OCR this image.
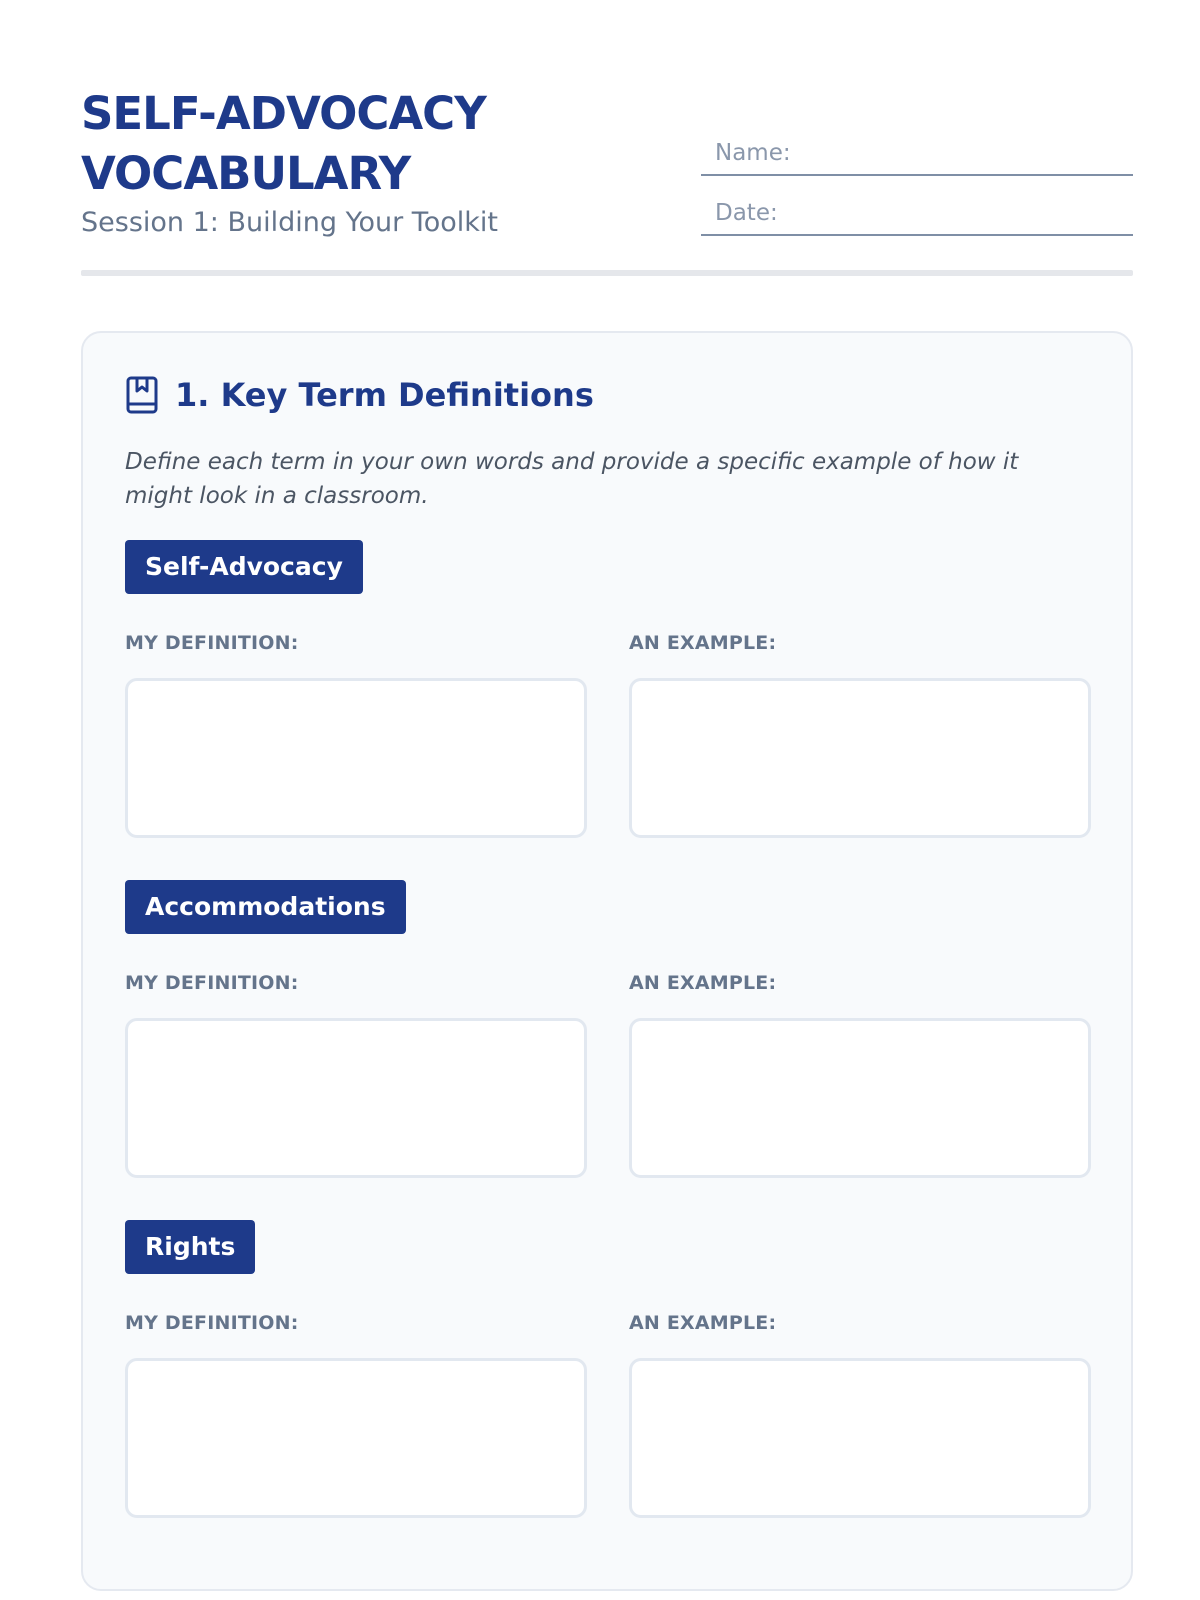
SELF-ADVOCACY
VOCABULARY
Session 1: Building Your Toolkit
Name:
Date:
1. Key Term Definitions
Define each term in your own words and provide a specific example of how it might look in a classroom.
Self-Advocacy
MY DEFINITION:	AN EXAMPLE:
Accommodations
MY DEFINITION:	AN EXAMPLE:
Rights
MY DEFINITION:	AN EXAMPLE:
